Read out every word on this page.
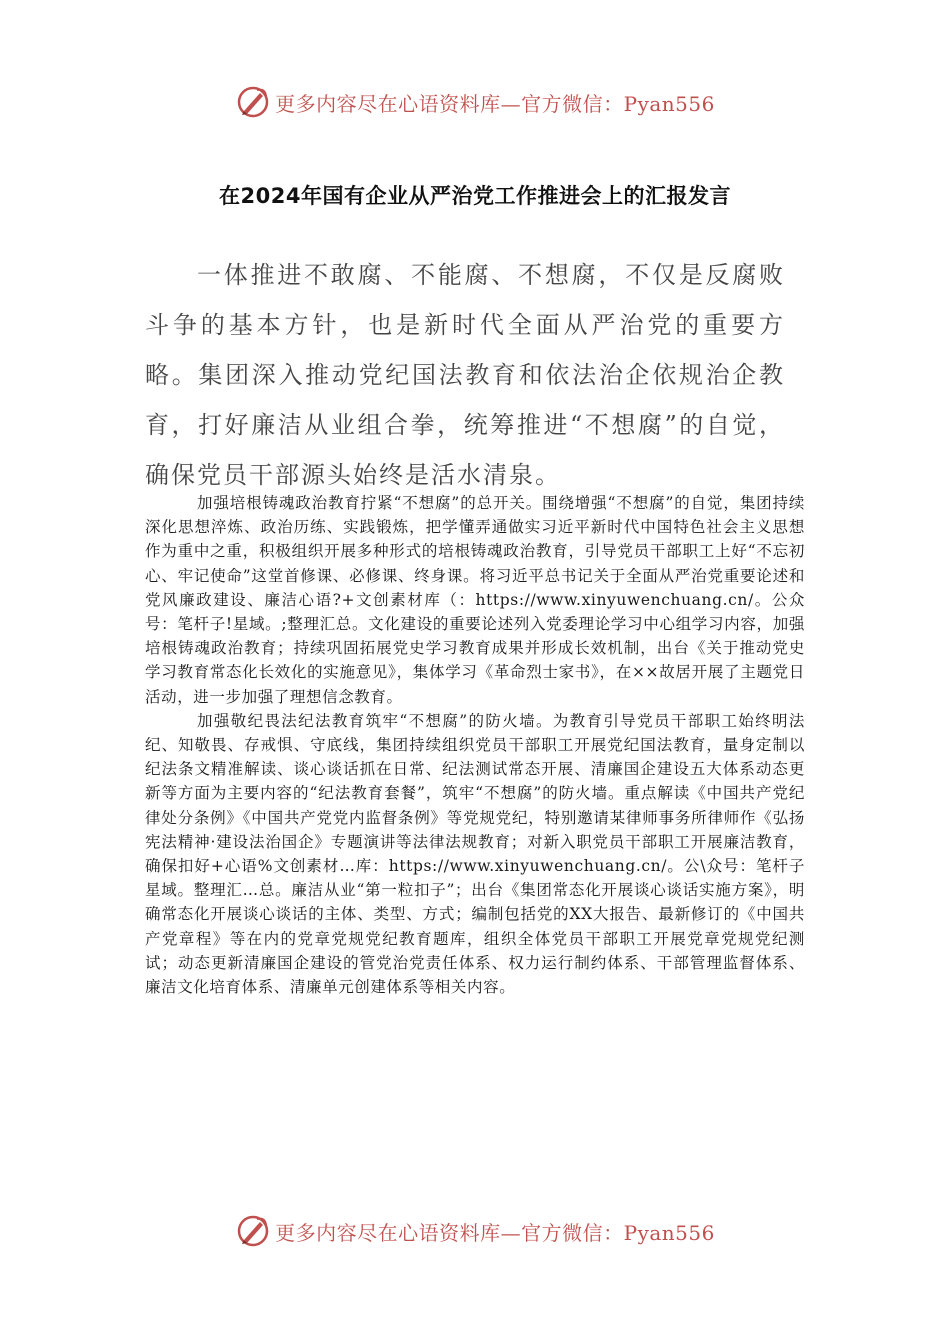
更多内容尽在心语资料库—官方微信：Pyan556
在2024年国有企业从严治党工作推进会上的汇报发言

一体推进不敢腐、不能腐、不想腐，不仅是反腐败斗争的基本方针，也是新时代全面从严治党的重要方略。集团深入推动党纪国法教育和依法治企依规治企教育，打好廉洁从业组合拳，统筹推进“不想腐”的自觉，确保党员干部源头始终是活水清泉。

加强培根铸魂政治教育拧紧“不想腐”的总开关。围绕增强“不想腐”的自觉，集团持续深化思想淬炼、政治历练、实践锻炼，把学懂弄通做实习近平新时代中国特色社会主义思想作为重中之重，积极组织开展多种形式的培根铸魂政治教育，引导党员干部职工上好“不忘初心、牢记使命”这堂首修课、必修课、终身课。将习近平总书记关于全面从严治党重要论述和党风廉政建设、廉洁心语?+文创素材库（：https://www.xinyuwenchuang.cn/。公众号：笔杆子!星域。;整理汇总。文化建设的重要论述列入党委理论学习中心组学习内容，加强培根铸魂政治教育；持续巩固拓展党史学习教育成果并形成长效机制，出台《关于推动党史学习教育常态化长效化的实施意见》，集体学习《革命烈士家书》，在××故居开展了主题党日活动，进一步加强了理想信念教育。

加强敬纪畏法纪法教育筑牢“不想腐”的防火墙。为教育引导党员干部职工始终明法纪、知敬畏、存戒惧、守底线，集团持续组织党员干部职工开展党纪国法教育，量身定制以纪法条文精准解读、谈心谈话抓在日常、纪法测试常态开展、清廉国企建设五大体系动态更新等方面为主要内容的“纪法教育套餐”，筑牢“不想腐”的防火墙。重点解读《中国共产党纪律处分条例》《中国共产党党内监督条例》等党规党纪，特别邀请某律师事务所律师作《弘扬宪法精神·建设法治国企》专题演讲等法律法规教育；对新入职党员干部职工开展廉洁教育，确保扣好+心语%文创素材…库：https://www.xinyuwenchuang.cn/。公\众号：笔杆子星域。整理汇…总。廉洁从业“第一粒扣子”；出台《集团常态化开展谈心谈话实施方案》，明确常态化开展谈心谈话的主体、类型、方式；编制包括党的XX大报告、最新修订的《中国共产党章程》等在内的党章党规党纪教育题库，组织全体党员干部职工开展党章党规党纪测试；动态更新清廉国企建设的管党治党责任体系、权力运行制约体系、干部管理监督体系、廉洁文化培育体系、清廉单元创建体系等相关内容。

更多内容尽在心语资料库—官方微信：Pyan556
